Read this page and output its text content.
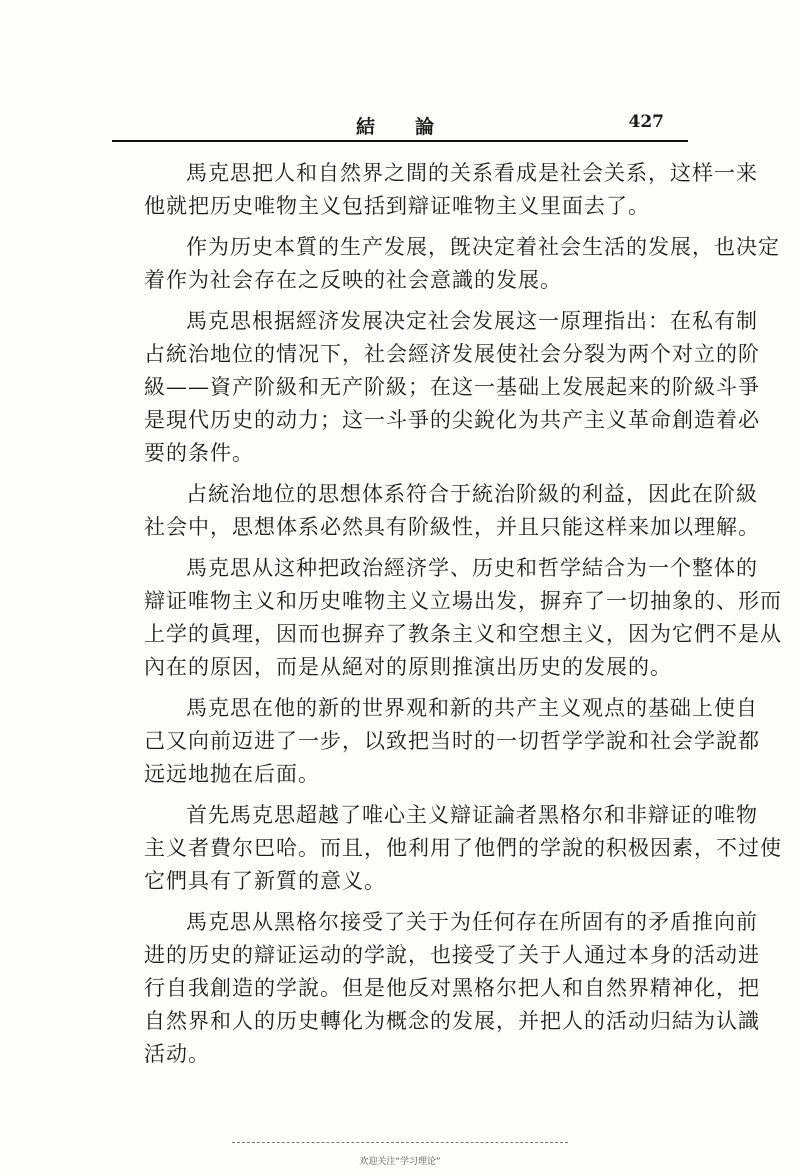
結論	427
馬克思把人和自然界之間的关系看成是社会关系，这样一来
他就把历史唯物主义包括到辯证唯物主义里面去了。
作为历史本質的生产发展，旣决定着社会生活的发展，也决定
着作为社会存在之反映的社会意識的发展。
馬克思根据經济发展决定社会发展这一原理指出：在私有制
占統治地位的情况下，社会經济发展使社会分裂为两个对立的阶
級——資产阶級和无产阶級；在这一基础上发展起来的阶級斗爭
是現代历史的动力；这一斗爭的尖銳化为共产主义革命創造着必
要的条件。
占統治地位的思想体系符合于統治阶級的利益，因此在阶級
社会中，思想体系必然具有阶級性，并且只能这样来加以理解。
馬克思从这种把政治經济学、历史和哲学結合为一个整体的
辯证唯物主义和历史唯物主义立場出发，摒弃了一切抽象的、形而
上学的眞理，因而也摒弃了教条主义和空想主义，因为它們不是从
內在的原因，而是从絕对的原則推演出历史的发展的。
馬克思在他的新的世界观和新的共产主义观点的基础上使自
己又向前迈进了一步，以致把当时的一切哲学学說和社会学說都
远远地抛在后面。
首先馬克思超越了唯心主义辯证論者黑格尔和非辯证的唯物
主义者費尔巴哈。而且，他利用了他們的学說的积极因素，不过使
它們具有了新質的意义。
馬克思从黑格尔接受了关于为任何存在所固有的矛盾推向前
进的历史的辯证运动的学說，也接受了关于人通过本身的活动进
行自我創造的学說。但是他反对黑格尔把人和自然界精神化，把
自然界和人的历史轉化为概念的发展，并把人的活动归結为认識
活动。
欢迎关注“学习理论”
